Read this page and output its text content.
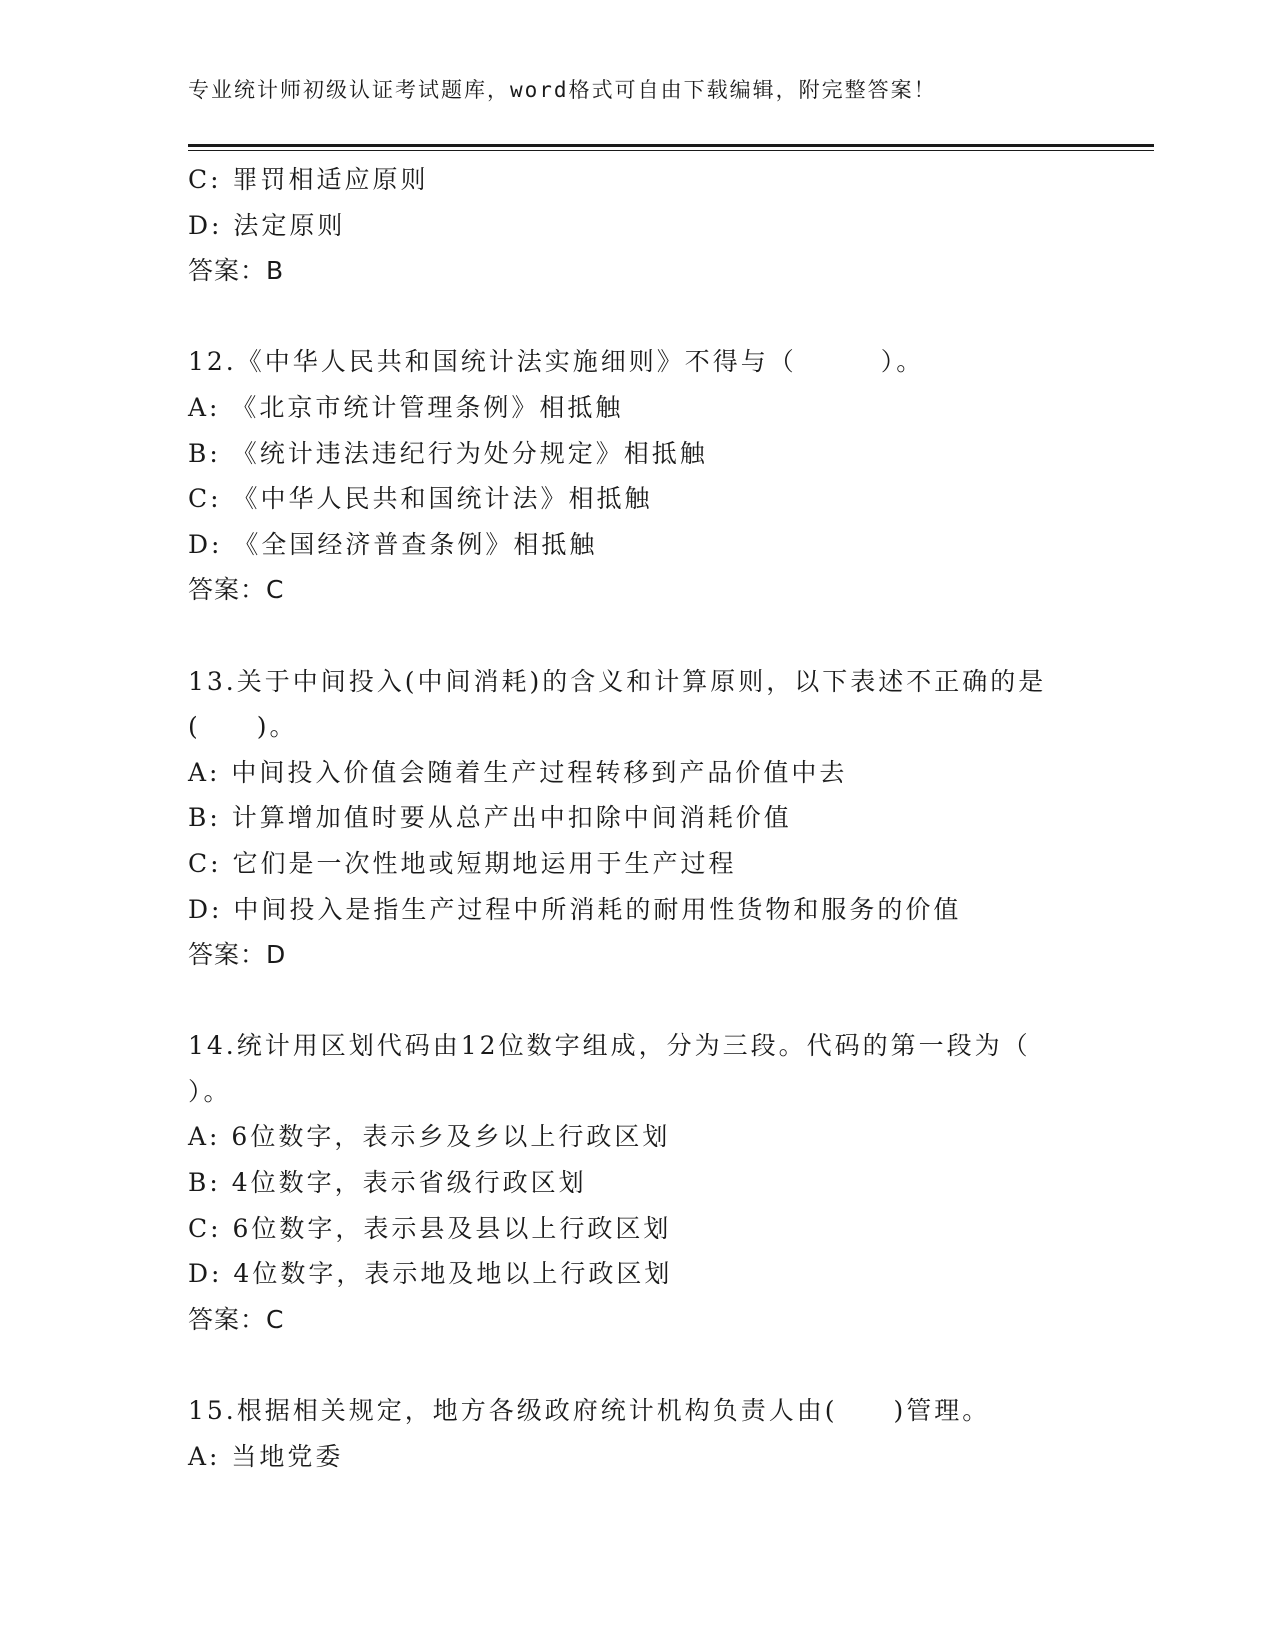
专业统计师初级认证考试题库，word格式可自由下载编辑，附完整答案！
C: 罪罚相适应原则
D: 法定原则
答案：B
12.《中华人民共和国统计法实施细则》不得与（　　　）。
A: 《北京市统计管理条例》相抵触
B: 《统计违法违纪行为处分规定》相抵触
C: 《中华人民共和国统计法》相抵触
D: 《全国经济普查条例》相抵触
答案：C
13.关于中间投入(中间消耗)的含义和计算原则，以下表述不正确的是
(　　)。
A: 中间投入价值会随着生产过程转移到产品价值中去
B: 计算增加值时要从总产出中扣除中间消耗价值
C: 它们是一次性地或短期地运用于生产过程
D: 中间投入是指生产过程中所消耗的耐用性货物和服务的价值
答案：D
14.统计用区划代码由12位数字组成，分为三段。代码的第一段为（
）。
A: 6位数字，表示乡及乡以上行政区划
B: 4位数字，表示省级行政区划
C: 6位数字，表示县及县以上行政区划
D: 4位数字，表示地及地以上行政区划
答案：C
15.根据相关规定，地方各级政府统计机构负责人由(　　)管理。
A: 当地党委
